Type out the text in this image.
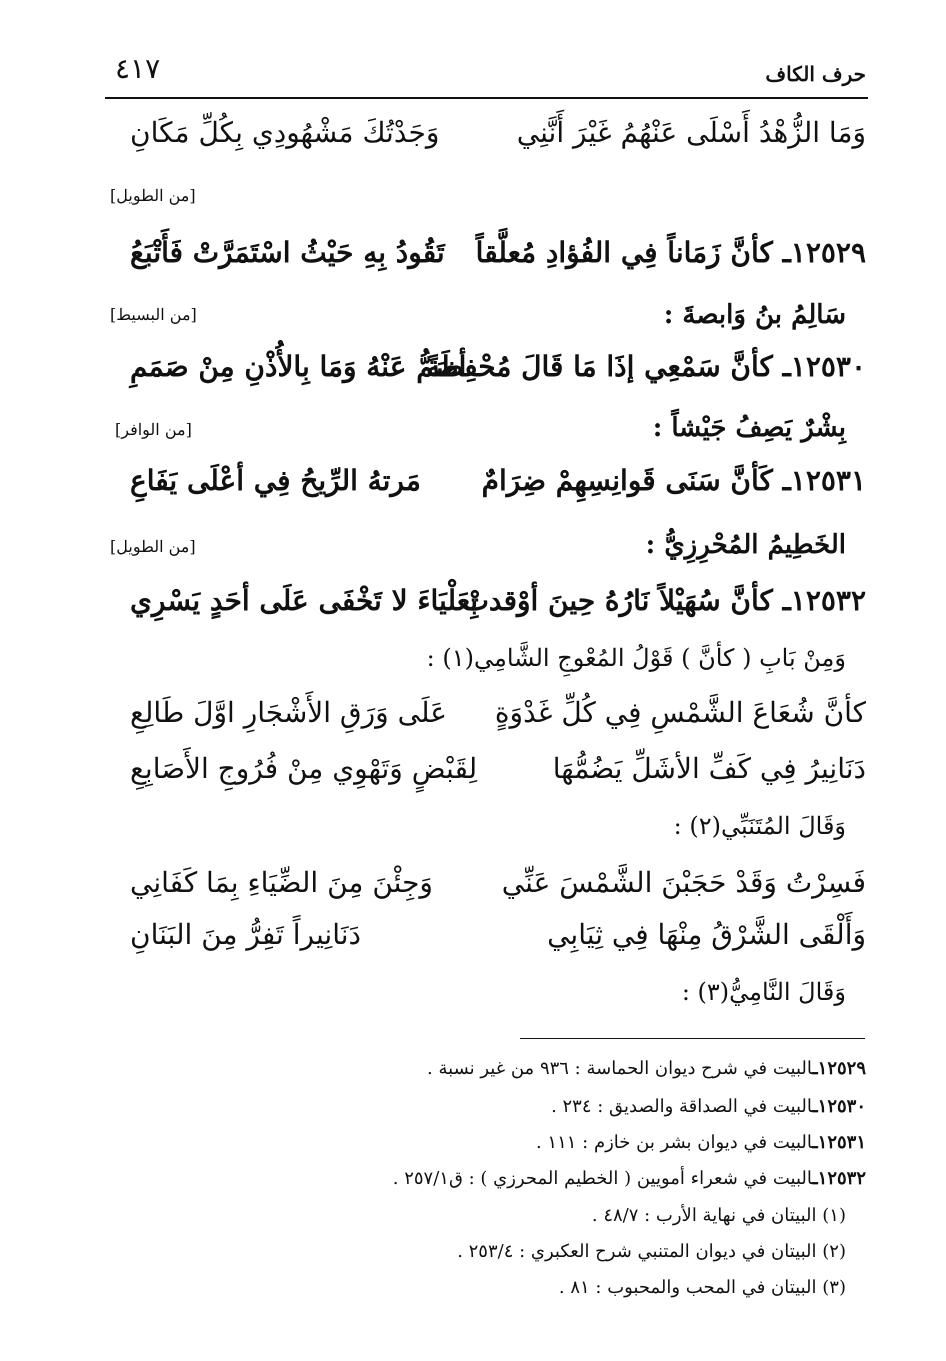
٤١٧	حرف الكاف
وَمَا الزُّهْدُ أَسْلَى عَنْهُمُ غَيْرَ أَنَّنِي
وَجَدْتُكَ مَشْهُودِي بِكُلِّ مَكَانِ
[من الطويل]
١٢٥٢٩ـ كأنَّ زَمَاناً فِي الفُؤادِ مُعلَّقاً
تَقُودُ بِهِ حَيْثُ اسْتَمَرَّتْ فَأَتْبَعُ
سَالِمُ بنُ وَابصةَ :
[من البسيط]
١٢٥٣٠ـ كأنَّ سَمْعِي إذَا مَا قَالَ مُحْفِظَةً
أصَمُّ عَنْهُ وَمَا بِالأُذْنِ مِنْ صَمَمِ
بِشْرٌ يَصِفُ جَيْشاً :
[من الوافر]
١٢٥٣١ـ كَأنَّ سَنَى قَوانِسِهِمْ ضِرَامٌ
مَرتهُ الرِّيحُ فِي أعْلَى يَفَاعِ
الخَطِيمُ المُحْرِزِيُّ :
[من الطويل]
١٢٥٣٢ـ كأنَّ سُهَيْلاً نَارُهُ حِينَ أوْقدتْ
بِعَلْيَاءَ لا تَخْفَى عَلَى أحَدٍ يَسْرِي
وَمِنْ بَابِ ( كأنَّ ) قَوْلُ المُعْوجِ الشَّامِي(١) :
كأنَّ شُعَاعَ الشَّمْسِ فِي كُلِّ غَدْوَةٍ
عَلَى وَرَقِ الأَشْجَارِ اوَّلَ طَالِعِ
دَنَانِيرُ فِي كَفِّ الأشَلِّ يَضُمُّهَا
لِقَبْضٍ وَتَهْوِي مِنْ فُرُوجِ الأَصَابِعِ
وَقَالَ المُتَنَبِّي(٢) :
فَسِرْتُ وَقَدْ حَجَبْنَ الشَّمْسَ عَنِّي
وَجِئْنَ مِنَ الضِّيَاءِ بِمَا كَفَانِي
وَأَلْقَى الشَّرْقُ مِنْهَا فِي ثِيَابِي
دَنَانِيراً تَفِرُّ مِنَ البَنَانِ
وَقَالَ النَّامِيُّ(٣) :
١٢٥٢٩ـالبيت في شرح ديوان الحماسة : ٩٣٦ من غير نسبة .
١٢٥٣٠ـالبيت في الصداقة والصديق : ٢٣٤ .
١٢٥٣١ـالبيت في ديوان بشر بن خازم : ١١١ .
١٢٥٣٢ـالبيت في شعراء أمويين ( الخطيم المحرزي ) : ق٢٥٧/١ .
(١) البيتان في نهاية الأرب : ٤٨/٧ .
(٢) البيتان في ديوان المتنبي شرح العكبري : ٢٥٣/٤ .
(٣) البيتان في المحب والمحبوب : ٨١ .
